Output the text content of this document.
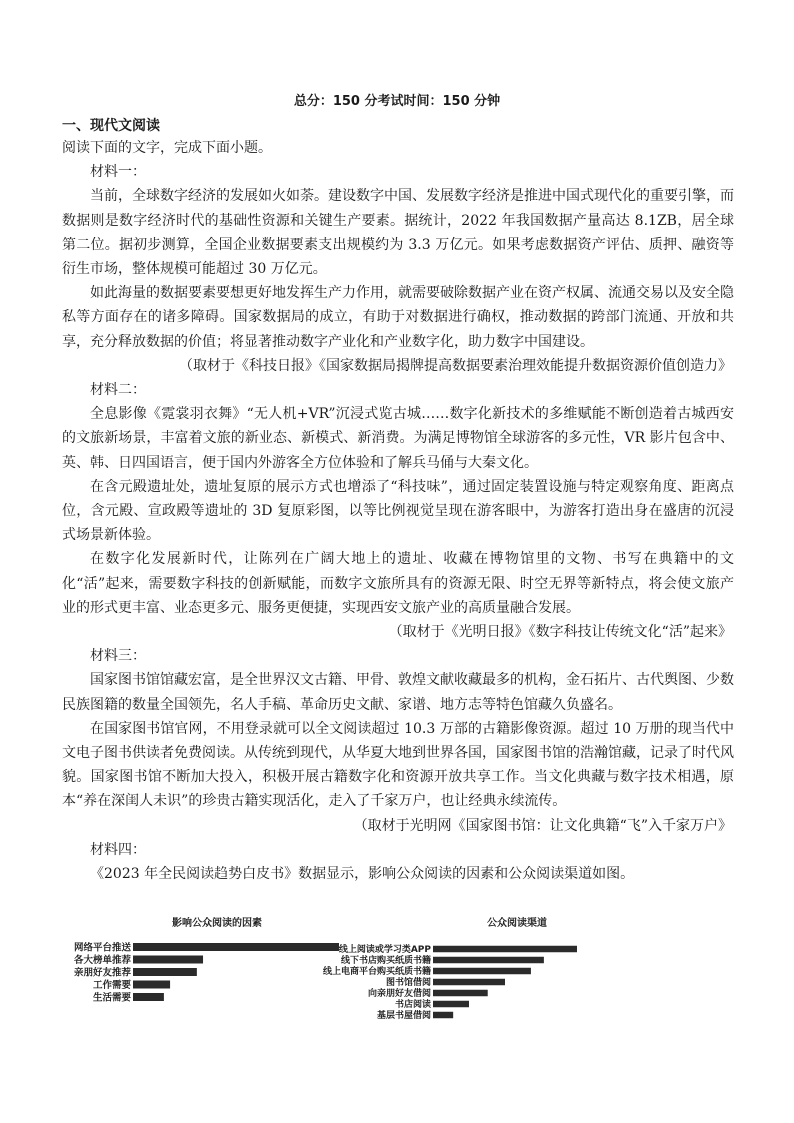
总分：150 分考试时间：150 分钟
一、现代文阅读

阅读下面的文字，完成下面小题。

材料一：

当前，全球数字经济的发展如火如荼。建设数字中国、发展数字经济是推进中国式现代化的重要引擎，而数据则是数字经济时代的基础性资源和关键生产要素。据统计，2022 年我国数据产量高达 8.1ZB，居全球第二位。据初步测算，全国企业数据要素支出规模约为 3.3 万亿元。如果考虑数据资产评估、质押、融资等衍生市场，整体规模可能超过 30 万亿元。

如此海量的数据要素要想更好地发挥生产力作用，就需要破除数据产业在资产权属、流通交易以及安全隐私等方面存在的诸多障碍。国家数据局的成立，有助于对数据进行确权，推动数据的跨部门流通、开放和共享，充分释放数据的价值；将显著推动数字产业化和产业数字化，助力数字中国建设。

（取材于《科技日报》《国家数据局揭牌提高数据要素治理效能提升数据资源价值创造力》

材料二：

全息影像《霓裳羽衣舞》“无人机+VR”沉浸式览古城……数字化新技术的多维赋能不断创造着古城西安的文旅新场景，丰富着文旅的新业态、新模式、新消费。为满足博物馆全球游客的多元性，VR 影片包含中、英、韩、日四国语言，便于国内外游客全方位体验和了解兵马俑与大秦文化。

在含元殿遗址处，遗址复原的展示方式也增添了“科技味”，通过固定装置设施与特定观察角度、距离点位，含元殿、宣政殿等遗址的 3D 复原彩图，以等比例视觉呈现在游客眼中，为游客打造出身在盛唐的沉浸式场景新体验。

在数字化发展新时代，让陈列在广阔大地上的遗址、收藏在博物馆里的文物、书写在典籍中的文化“活”起来，需要数字科技的创新赋能，而数字文旅所具有的资源无限、时空无界等新特点，将会使文旅产业的形式更丰富、业态更多元、服务更便捷，实现西安文旅产业的高质量融合发展。

（取材于《光明日报》《数字科技让传统文化“活”起来》

材料三：

国家图书馆馆藏宏富，是全世界汉文古籍、甲骨、敦煌文献收藏最多的机构，金石拓片、古代舆图、少数民族图籍的数量全国领先，名人手稿、革命历史文献、家谱、地方志等特色馆藏久负盛名。

在国家图书馆官网，不用登录就可以全文阅读超过 10.3 万部的古籍影像资源。超过 10 万册的现当代中文电子图书供读者免费阅读。从传统到现代，从华夏大地到世界各国，国家图书馆的浩瀚馆藏，记录了时代风貌。国家图书馆不断加大投入，积极开展古籍数字化和资源开放共享工作。当文化典藏与数字技术相遇，原本“养在深闺人未识”的珍贵古籍实现活化，走入了千家万户，也让经典永续流传。

（取材于光明网《国家图书馆：让文化典籍“飞”入千家万户》

材料四：

《2023 年全民阅读趋势白皮书》数据显示，影响公众阅读的因素和公众阅读渠道如图。

影响公众阅读的因素
网络平台推送
各大榜单推荐
亲朋好友推荐
工作需要
生活需要
公众阅读渠道
线上阅读或学习类APP
线下书店购买纸质书籍
线上电商平台购买纸质书籍
图书馆借阅
向亲朋好友借阅
书店阅读
基层书屋借阅
